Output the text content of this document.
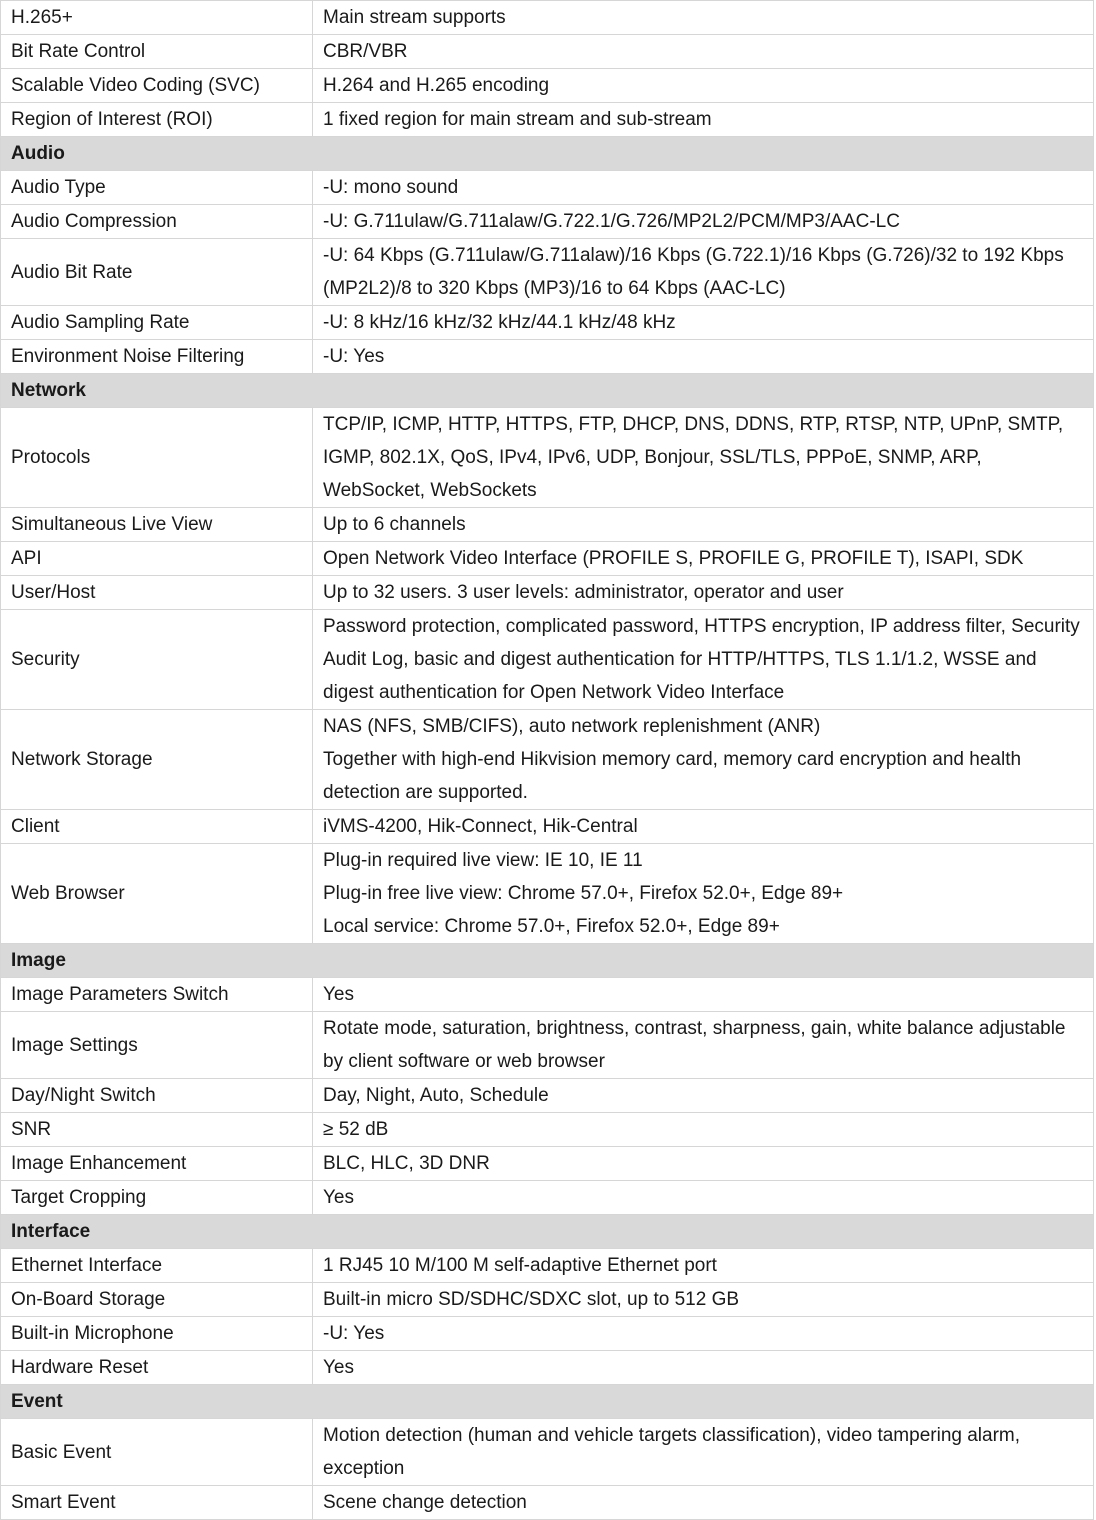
H.265+	Main stream supports

Bit Rate Control	CBR/VBR

Scalable Video Coding (SVC)	H.264 and H.265 encoding

Region of Interest (ROI)	1 fixed region for main stream and sub-stream

Audio	
Audio Type	-U: mono sound

Audio Compression	-U: G.711ulaw/G.711alaw/G.722.1/G.726/MP2L2/PCM/MP3/AAC-LC

Audio Bit Rate	-U: 64 Kbps (G.711ulaw/G.711alaw)/16 Kbps (G.722.1)/16 Kbps (G.726)/32 to 192 Kbps (MP2L2)/8 to 320 Kbps (MP3)/16 to 64 Kbps (AAC-LC)

Audio Sampling Rate	-U: 8 kHz/16 kHz/32 kHz/44.1 kHz/48 kHz

Environment Noise Filtering	-U: Yes

Network	
Protocols	TCP/IP, ICMP, HTTP, HTTPS, FTP, DHCP, DNS, DDNS, RTP, RTSP, NTP, UPnP, SMTP, IGMP, 802.1X, QoS, IPv4, IPv6, UDP, Bonjour, SSL/TLS, PPPoE, SNMP, ARP, WebSocket, WebSockets

Simultaneous Live View	Up to 6 channels

API	Open Network Video Interface (PROFILE S, PROFILE G, PROFILE T), ISAPI, SDK

User/Host	Up to 32 users. 3 user levels: administrator, operator and user

Security	Password protection, complicated password, HTTPS encryption, IP address filter, Security Audit Log, basic and digest authentication for HTTP/HTTPS, TLS 1.1/1.2, WSSE and digest authentication for Open Network Video Interface

Network Storage	NAS (NFS, SMB/CIFS), auto network replenishment (ANR)
Together with high-end Hikvision memory card, memory card encryption and health detection are supported.

Client	iVMS-4200, Hik-Connect, Hik-Central

Web Browser	Plug-in required live view: IE 10, IE 11
Plug-in free live view: Chrome 57.0+, Firefox 52.0+, Edge 89+
Local service: Chrome 57.0+, Firefox 52.0+, Edge 89+

Image	
Image Parameters Switch	Yes

Image Settings	Rotate mode, saturation, brightness, contrast, sharpness, gain, white balance adjustable by client software or web browser

Day/Night Switch	Day, Night, Auto, Schedule

SNR	≥ 52 dB

Image Enhancement	BLC, HLC, 3D DNR

Target Cropping	Yes

Interface	
Ethernet Interface	1 RJ45 10 M/100 M self-adaptive Ethernet port

On-Board Storage	Built-in micro SD/SDHC/SDXC slot, up to 512 GB

Built-in Microphone	-U: Yes

Hardware Reset	Yes

Event	
Basic Event	Motion detection (human and vehicle targets classification), video tampering alarm, exception

Smart Event	Scene change detection
